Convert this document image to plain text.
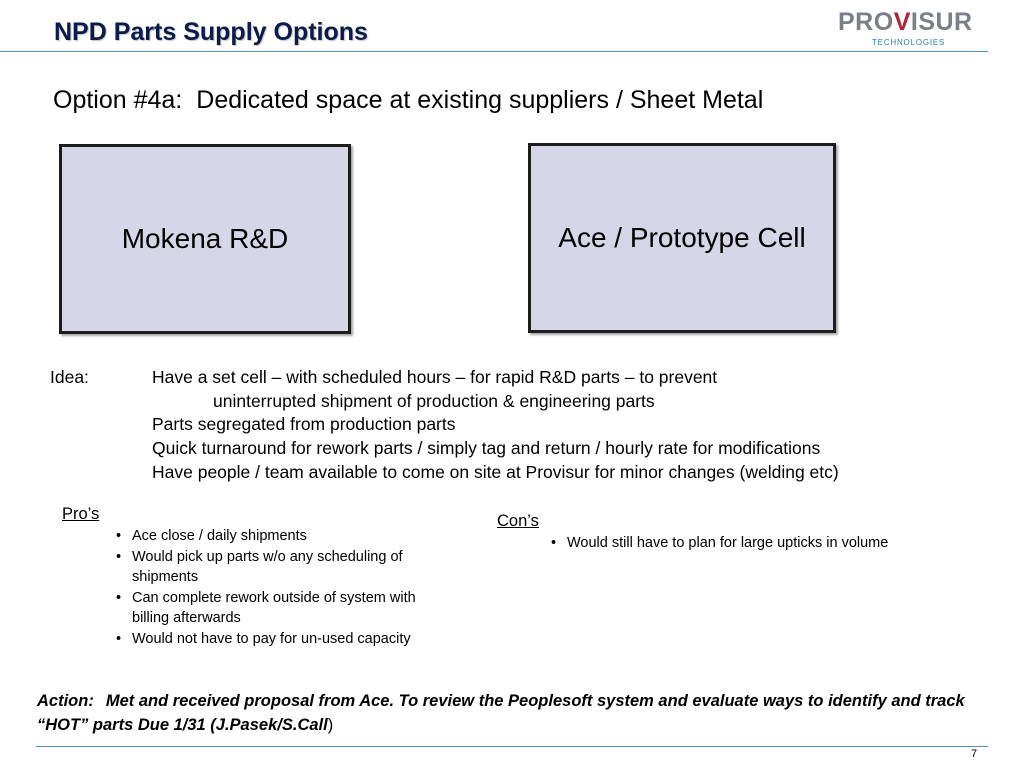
NPD Parts Supply Options	PROVISUR
TECHNOLOGIES
Option #4a: Dedicated space at existing suppliers / Sheet Metal
Mokena R&D	Ace / Prototype Cell
Idea:	Have a set cell – with scheduled hours – for rapid R&D parts – to prevent
uninterrupted shipment of production & engineering parts
Parts segregated from production parts
Quick turnaround for rework parts / simply tag and return / hourly rate for modifications
Have people / team available to come on site at Provisur for minor changes (welding etc)
Pro’s
• Ace close / daily shipments
• Would pick up parts w/o any scheduling of shipments
• Can complete rework outside of system with billing afterwards
• Would not have to pay for un-used capacity
Con’s
• Would still have to plan for large upticks in volume
Action: Met and received proposal from Ace. To review the Peoplesoft system and evaluate ways to identify and track “HOT” parts Due 1/31 (J.Pasek/S.Call)
7
